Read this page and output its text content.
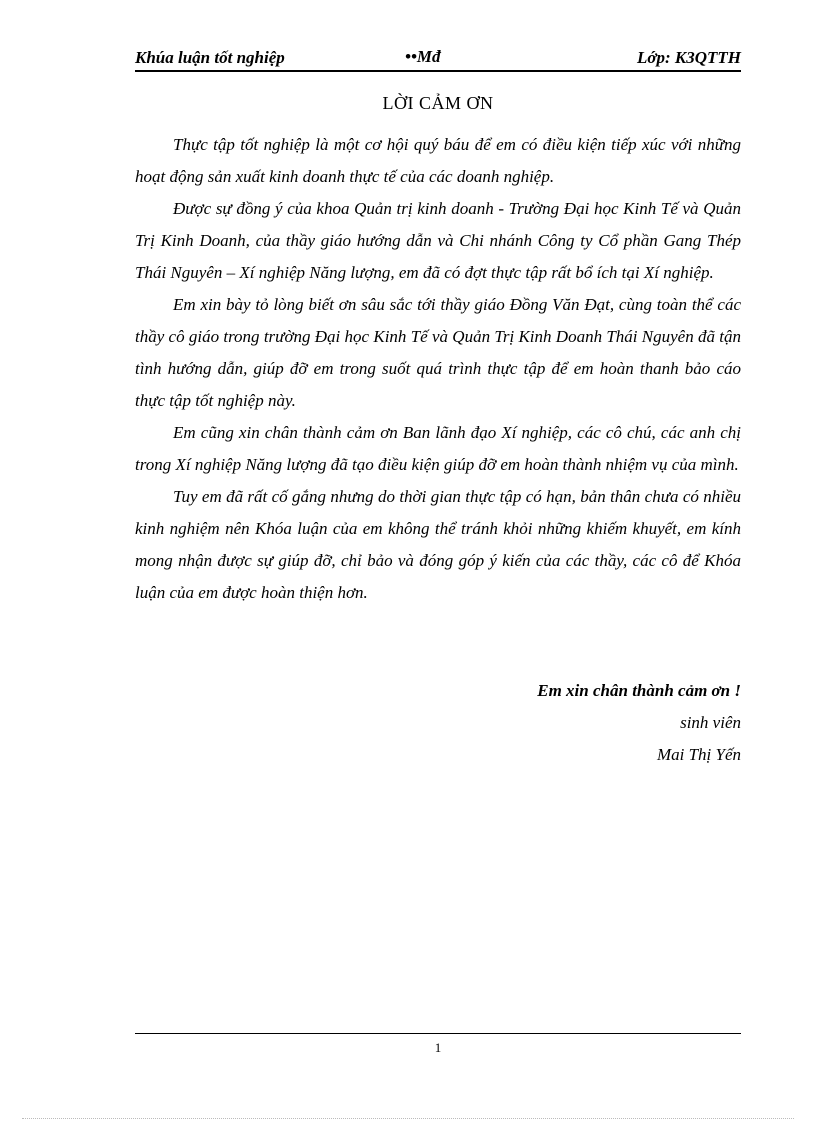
Khúa luận tốt nghiệp	••Mđ	Lớp: K3QTTH
LỜI CẢM ƠN

Thực tập tốt nghiệp là một cơ hội quý báu để em có điều kiện tiếp xúc với những hoạt động sản xuất kinh doanh thực tế của các doanh nghiệp.

Được sự đồng ý của khoa Quản trị kinh doanh - Trường Đại học Kinh Tế và Quản Trị Kinh Doanh, của thầy giáo hướng dẫn và Chi nhánh Công ty Cổ phần Gang Thép Thái Nguyên – Xí nghiệp Năng lượng, em đã có đợt thực tập rất bổ ích tại Xí nghiệp.

Em xin bày tỏ lòng biết ơn sâu sắc tới thầy giáo Đồng Văn Đạt, cùng toàn thể các thầy cô giáo trong trường Đại học Kinh Tế và Quản Trị Kinh Doanh Thái Nguyên đã tận tình hướng dẫn, giúp đỡ em trong suốt quá trình thực tập để em hoàn thanh bảo cáo thực tập tốt nghiệp này.

Em cũng xin chân thành cảm ơn Ban lãnh đạo Xí nghiệp, các cô chú, các anh chị trong Xí nghiệp Năng lượng đã tạo điều kiện giúp đỡ em hoàn thành nhiệm vụ của mình.

Tuy em đã rất cố gắng nhưng do thời gian thực tập có hạn, bản thân chưa có nhiều kinh nghiệm nên Khóa luận của em không thể tránh khỏi những khiếm khuyết, em kính mong nhận được sự giúp đỡ, chỉ bảo và đóng góp ý kiến của các thầy, các cô để Khóa luận của em được hoàn thiện hơn.

Em xin chân thành cảm ơn !
sinh viên
Mai Thị Yến
1
